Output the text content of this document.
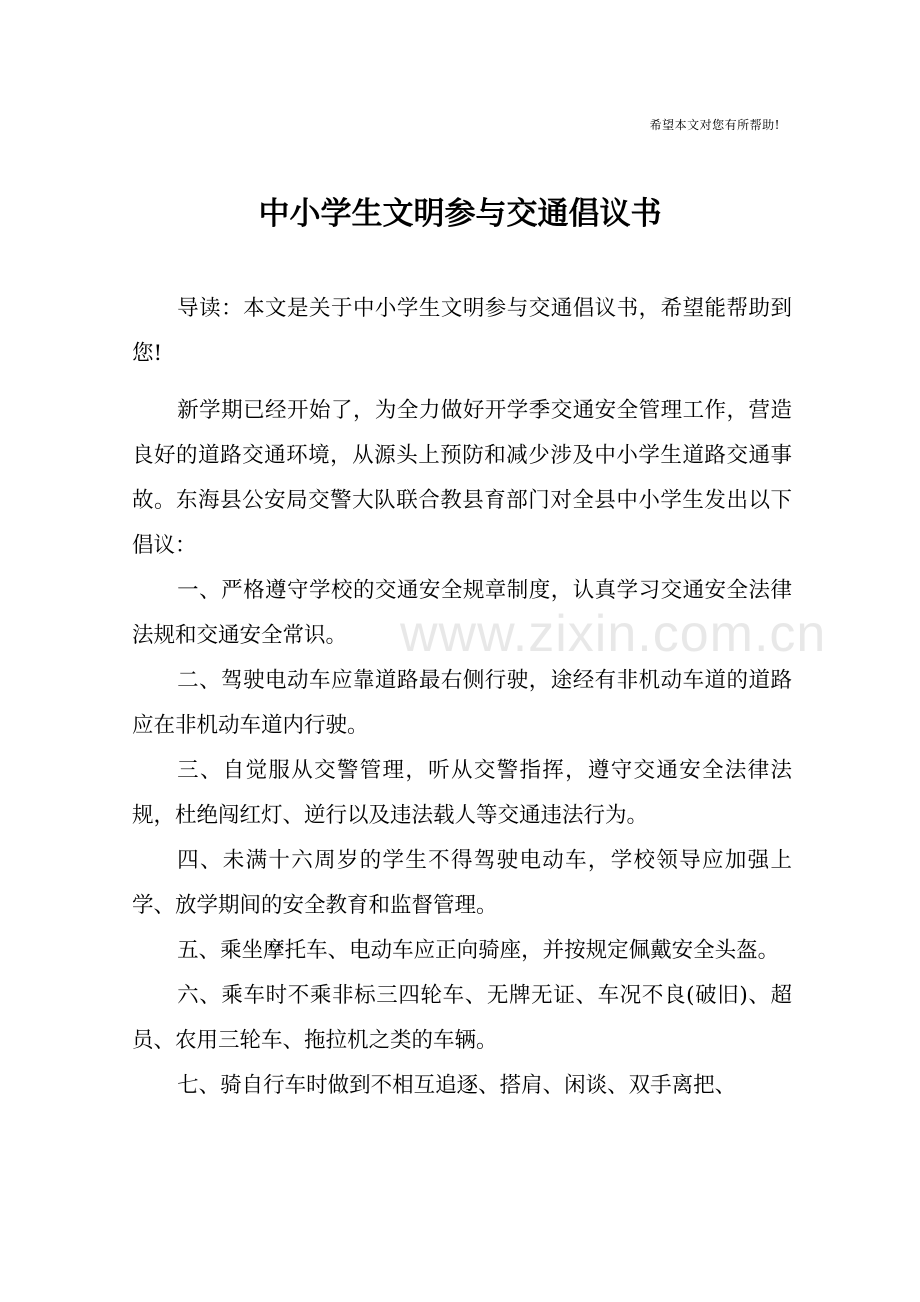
希望本文对您有所帮助!
中小学生文明参与交通倡议书

导读：本文是关于中小学生文明参与交通倡议书，希望能帮助到您!

新学期已经开始了，为全力做好开学季交通安全管理工作，营造良好的道路交通环境，从源头上预防和减少涉及中小学生道路交通事故。东海县公安局交警大队联合教县育部门对全县中小学生发出以下倡议：

一、严格遵守学校的交通安全规章制度，认真学习交通安全法律法规和交通安全常识。

二、驾驶电动车应靠道路最右侧行驶，途经有非机动车道的道路应在非机动车道内行驶。

三、自觉服从交警管理，听从交警指挥，遵守交通安全法律法规，杜绝闯红灯、逆行以及违法载人等交通违法行为。

四、未满十六周岁的学生不得驾驶电动车，学校领导应加强上学、放学期间的安全教育和监督管理。

五、乘坐摩托车、电动车应正向骑座，并按规定佩戴安全头盔。

六、乘车时不乘非标三四轮车、无牌无证、车况不良(破旧)、超员、农用三轮车、拖拉机之类的车辆。

七、骑自行车时做到不相互追逐、搭肩、闲谈、双手离把、

www.zixin.com.cn
